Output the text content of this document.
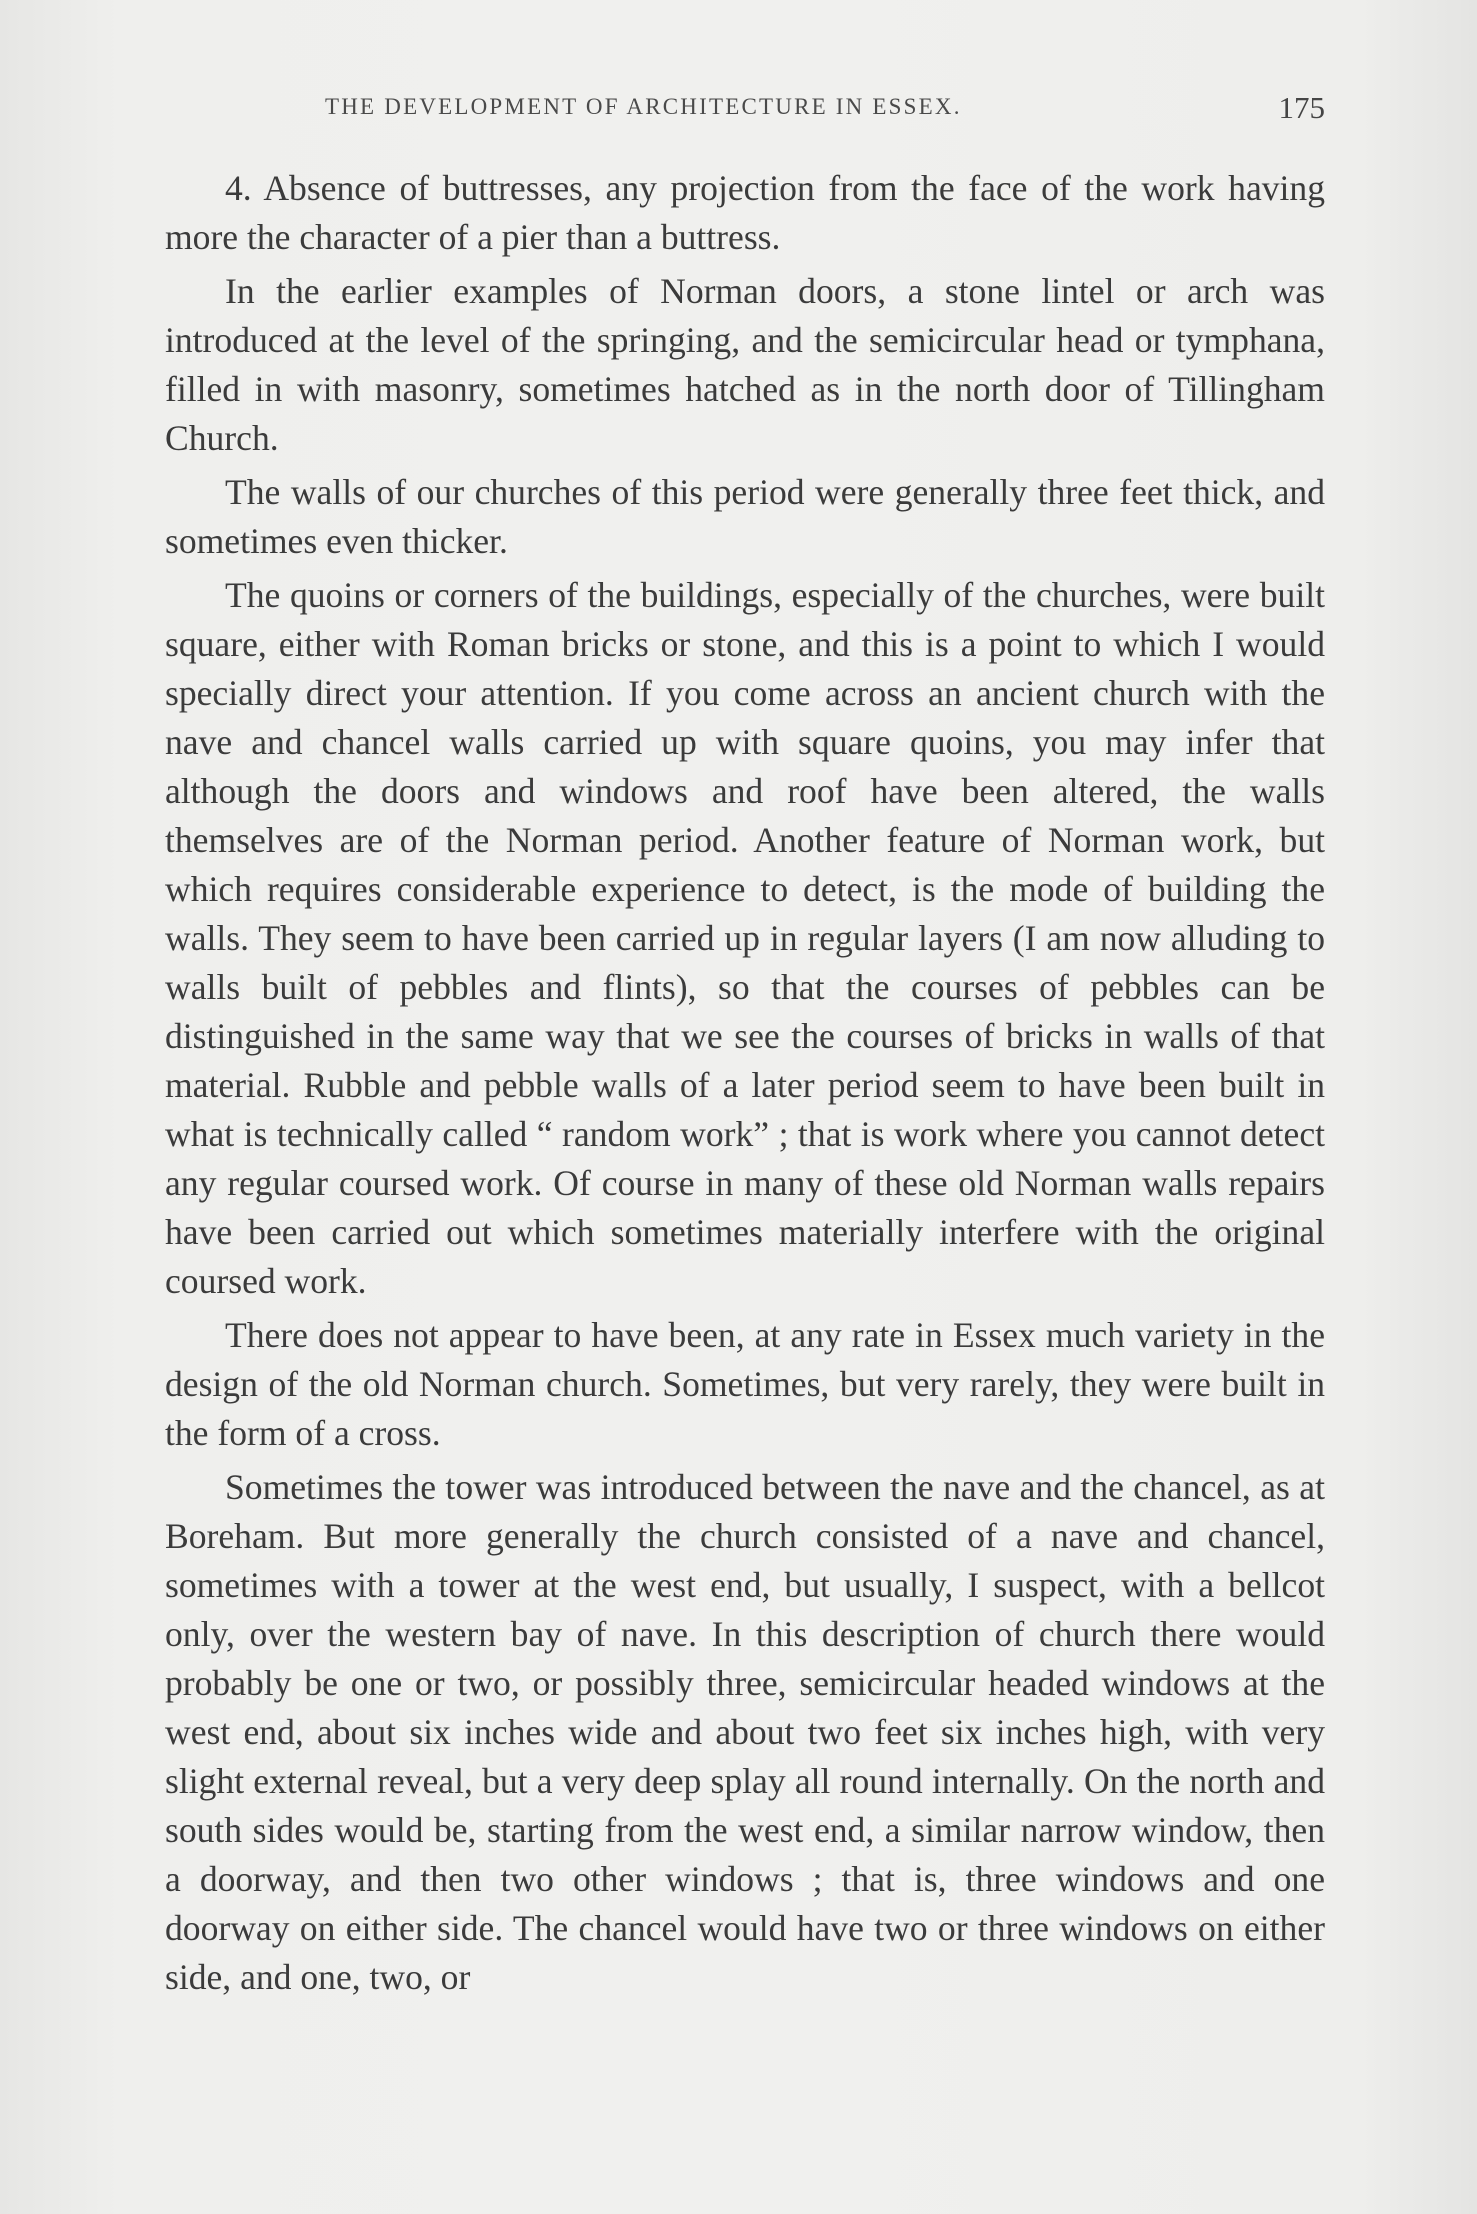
THE DEVELOPMENT OF ARCHITECTURE IN ESSEX.	175

4. Absence of buttresses, any projection from the face of the work having more the character of a pier than a buttress.

In the earlier examples of Norman doors, a stone lintel or arch was introduced at the level of the springing, and the semicircular head or tymphana, filled in with masonry, sometimes hatched as in the north door of Tillingham Church.

The walls of our churches of this period were generally three feet thick, and sometimes even thicker.

The quoins or corners of the buildings, especially of the churches, were built square, either with Roman bricks or stone, and this is a point to which I would specially direct your attention. If you come across an ancient church with the nave and chancel walls carried up with square quoins, you may infer that although the doors and windows and roof have been altered, the walls themselves are of the Norman period. Another feature of Norman work, but which requires considerable experience to detect, is the mode of building the walls. They seem to have been carried up in regular layers (I am now alluding to walls built of pebbles and flints), so that the courses of pebbles can be distinguished in the same way that we see the courses of bricks in walls of that material. Rubble and pebble walls of a later period seem to have been built in what is technically called “ random work” ; that is work where you cannot detect any regular coursed work. Of course in many of these old Norman walls repairs have been carried out which sometimes materially interfere with the original coursed work.

There does not appear to have been, at any rate in Essex much variety in the design of the old Norman church. Sometimes, but very rarely, they were built in the form of a cross.

Sometimes the tower was introduced between the nave and the chancel, as at Boreham. But more generally the church consisted of a nave and chancel, sometimes with a tower at the west end, but usually, I suspect, with a bellcot only, over the western bay of nave. In this description of church there would probably be one or two, or possibly three, semicircular headed windows at the west end, about six inches wide and about two feet six inches high, with very slight external reveal, but a very deep splay all round internally. On the north and south sides would be, starting from the west end, a similar narrow window, then a doorway, and then two other windows ; that is, three windows and one doorway on either side. The chancel would have two or three windows on either side, and one, two, or
